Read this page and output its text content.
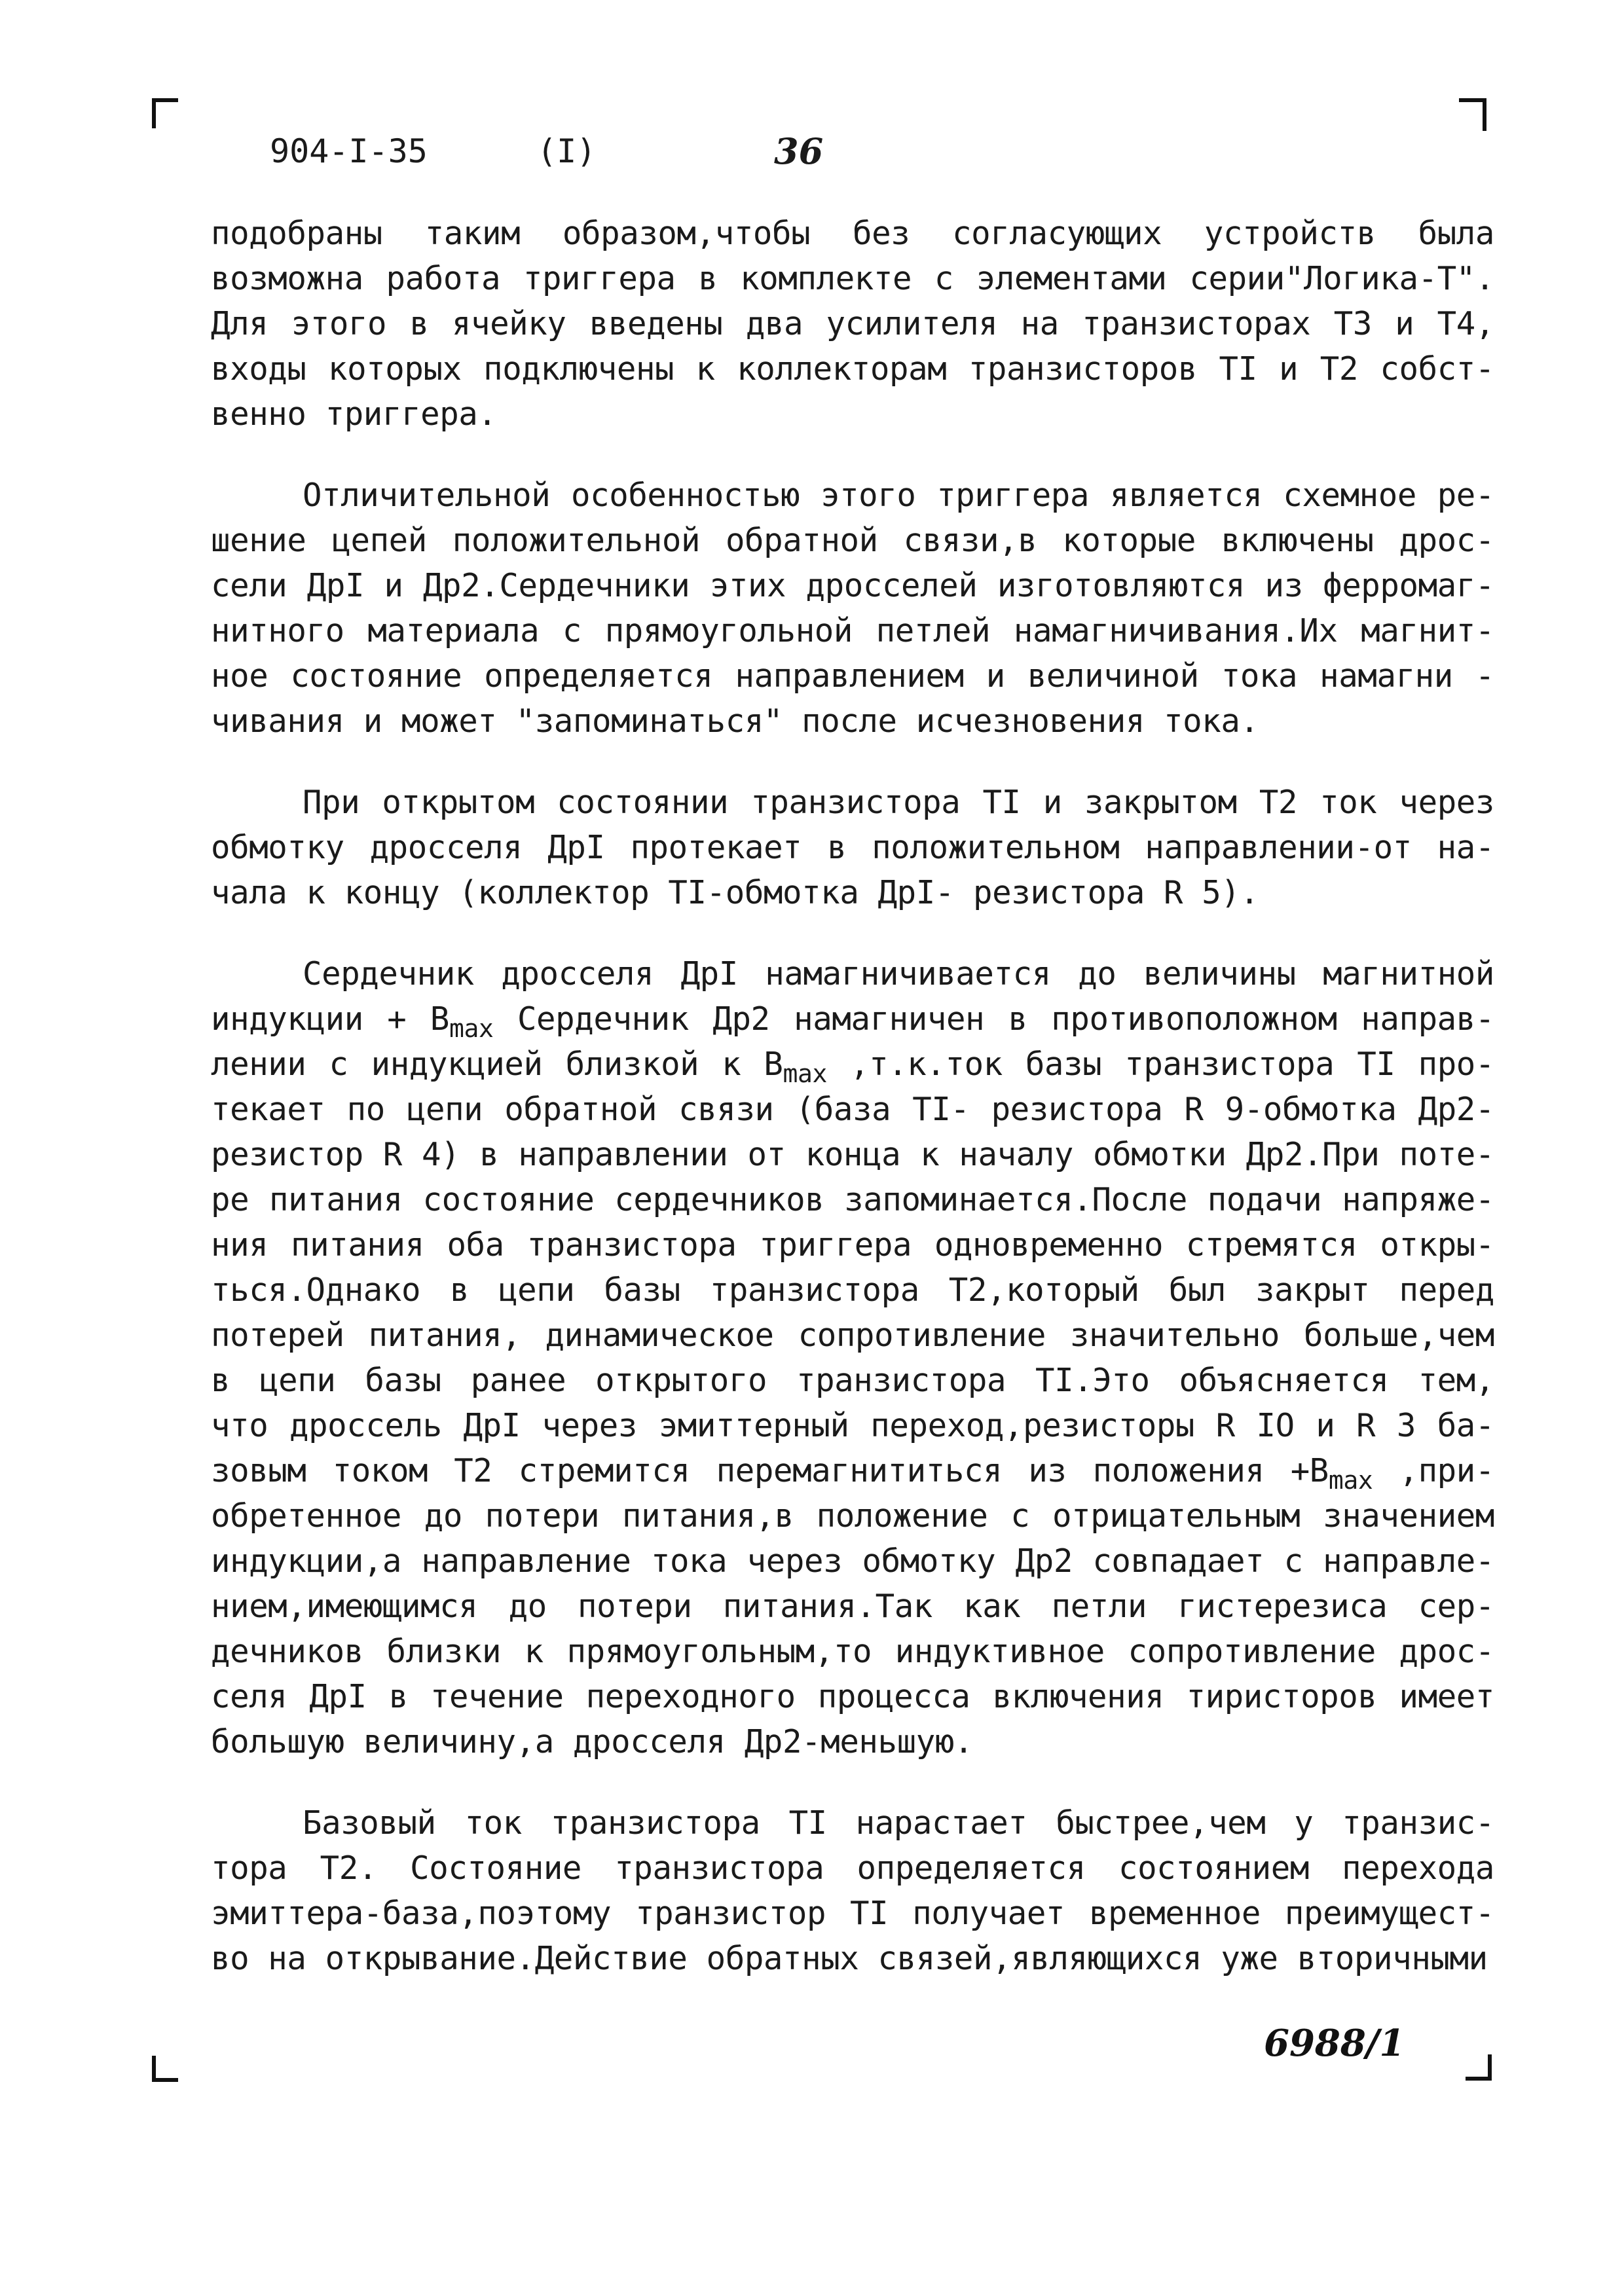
904-I-35	(I)	36
подобраны таким образом,чтобы без согласующих устройств была
возможна работа триггера в комплекте с элементами серии"Логика-Т".
Для этого в ячейку введены два усилителя на транзисторах ТЗ и Т4,
входы которых подключены к коллекторам транзисторов TI и Т2 собст-
венно триггера.
Отличительной особенностью этого триггера является схемное ре-
шение цепей положительной обратной связи,в которые включены дрос-
сели ДрI и Др2.Сердечники этих дросселей изготовляются из ферромаг-
нитного материала с прямоугольной петлей намагничивания.Их магнит-
ное состояние определяется направлением и величиной тока намагни -
чивания и может "запоминаться" после исчезновения тока.
При открытом состоянии транзистора TI и закрытом Т2 ток через
обмотку дросселя ДрI протекает в положительном направлении-от на-
чала к концу (коллектор TI-обмотка ДрI- резистора R 5).
Сердечник дросселя ДрI намагничивается до величины магнитной
индукции + $B_{max}$ Сердечник Др2 намагничен в противоположном направ-
лении с индукцией близкой к $B_{max}$ ,т.к.ток базы транзистора TI про-
текает по цепи обратной связи (база TI- резистора R 9-обмотка Др2-
резистор R 4) в направлении от конца к началу обмотки Др2.При поте-
ре питания состояние сердечников запоминается.После подачи напряже-
ния питания оба транзистора триггера одновременно стремятся откры-
ться.Однако в цепи базы транзистора Т2,который был закрыт перед
потерей питания, динамическое сопротивление значительно больше,чем
в цепи базы ранее открытого транзистора TI.Это объясняется тем,
что дроссель ДрI через эмиттерный переход,резисторы R IO и R 3 ба-
зовым током Т2 стремится перемагнититься из положения $+B_{max}$ ,при-
обретенное до потери питания,в положение с отрицательным значением
индукции,а направление тока через обмотку Др2 совпадает с направле-
нием,имеющимся до потери питания.Так как петли гистерезиса сер-
дечников близки к прямоугольным,то индуктивное сопротивление дрос-
селя ДрI в течение переходного процесса включения тиристоров имеет
большую величину,а дросселя Др2-меньшую.
Базовый ток транзистора TI нарастает быстрее,чем у транзис-
тора Т2. Состояние транзистора определяется состоянием перехода
эмиттера-база,поэтому транзистор TI получает временное преимущест-
во на открывание.Действие обратных связей,являющихся уже вторичными
6988/1
